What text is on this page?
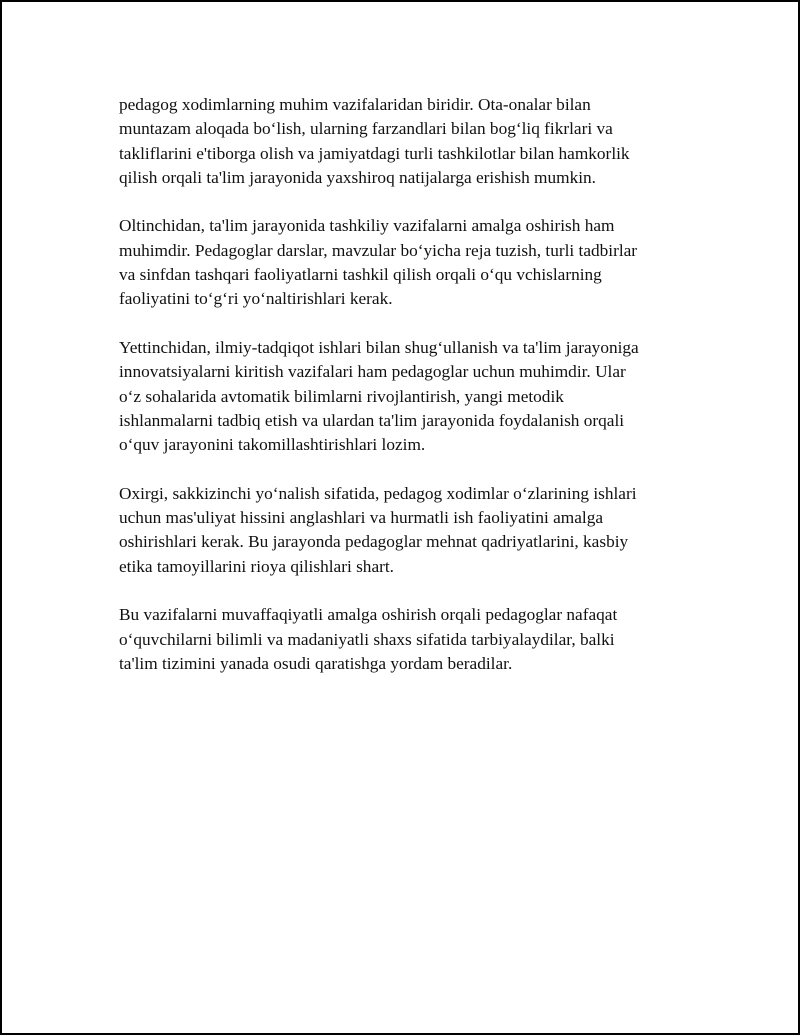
pedagog xodimlarning muhim vazifalaridan biridir. Ota-onalar bilan
muntazam aloqada bo‘lish, ularning farzandlari bilan bog‘liq fikrlari va
takliflarini e'tiborga olish va jamiyatdagi turli tashkilotlar bilan hamkorlik
qilish orqali ta'lim jarayonida yaxshiroq natijalarga erishish mumkin.

Oltinchidan, ta'lim jarayonida tashkiliy vazifalarni amalga oshirish ham
muhimdir. Pedagoglar darslar, mavzular bo‘yicha reja tuzish, turli tadbirlar
va sinfdan tashqari faoliyatlarni tashkil qilish orqali o‘qu vchislarning
faoliyatini to‘g‘ri yo‘naltirishlari kerak.

Yettinchidan, ilmiy-tadqiqot ishlari bilan shug‘ullanish va ta'lim jarayoniga
innovatsiyalarni kiritish vazifalari ham pedagoglar uchun muhimdir. Ular
o‘z sohalarida avtomatik bilimlarni rivojlantirish, yangi metodik
ishlanmalarni tadbiq etish va ulardan ta'lim jarayonida foydalanish orqali
o‘quv jarayonini takomillashtirishlari lozim.

Oxirgi, sakkizinchi yo‘nalish sifatida, pedagog xodimlar o‘zlarining ishlari
uchun mas'uliyat hissini anglashlari va hurmatli ish faoliyatini amalga
oshirishlari kerak. Bu jarayonda pedagoglar mehnat qadriyatlarini, kasbiy
etika tamoyillarini rioya qilishlari shart.

Bu vazifalarni muvaffaqiyatli amalga oshirish orqali pedagoglar nafaqat
o‘quvchilarni bilimli va madaniyatli shaxs sifatida tarbiyalaydilar, balki
ta'lim tizimini yanada osudi qaratishga yordam beradilar.
